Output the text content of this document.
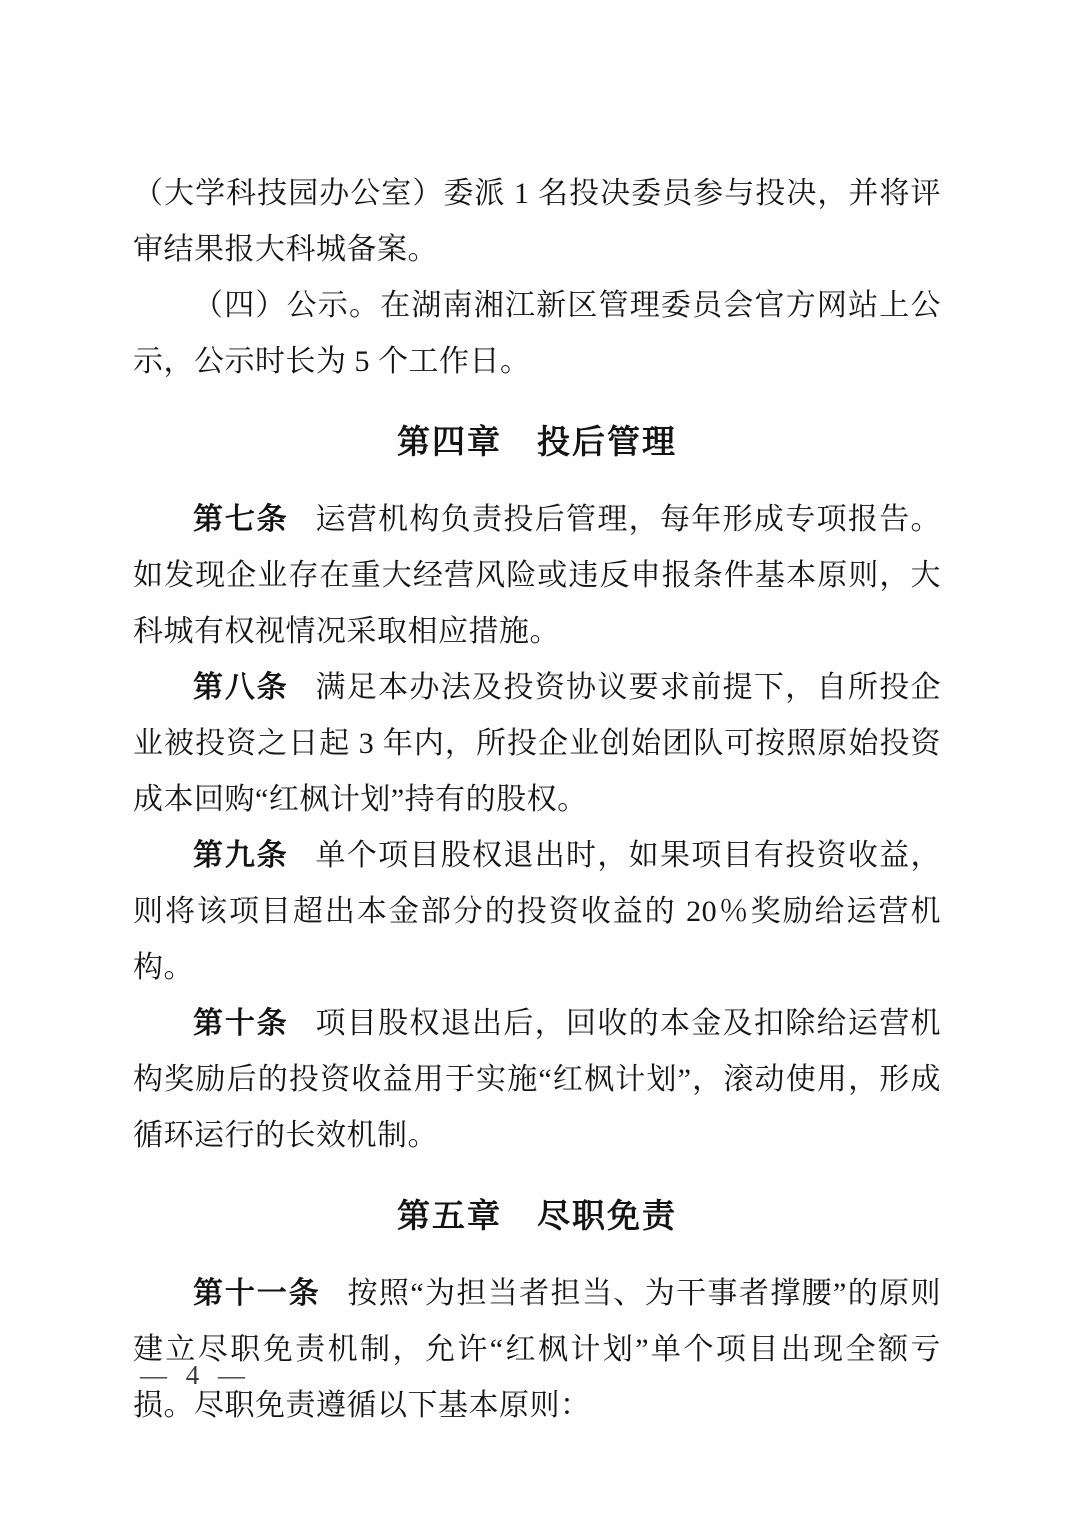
（大学科技园办公室）委派 1 名投决委员参与投决，并将评审结果报大科城备案。

（四）公示。在湖南湘江新区管理委员会官方网站上公示，公示时长为 5 个工作日。

第四章　投后管理

第七条 运营机构负责投后管理，每年形成专项报告。如发现企业存在重大经营风险或违反申报条件基本原则，大科城有权视情况采取相应措施。

第八条 满足本办法及投资协议要求前提下，自所投企业被投资之日起 3 年内，所投企业创始团队可按照原始投资成本回购“红枫计划”持有的股权。

第九条 单个项目股权退出时，如果项目有投资收益，则将该项目超出本金部分的投资收益的 20％奖励给运营机构。

第十条 项目股权退出后，回收的本金及扣除给运营机构奖励后的投资收益用于实施“红枫计划”，滚动使用，形成循环运行的长效机制。

第五章　尽职免责

第十一条 按照“为担当者担当、为干事者撑腰”的原则建立尽职免责机制，允许“红枫计划”单个项目出现全额亏损。尽职免责遵循以下基本原则：

— 4 —
